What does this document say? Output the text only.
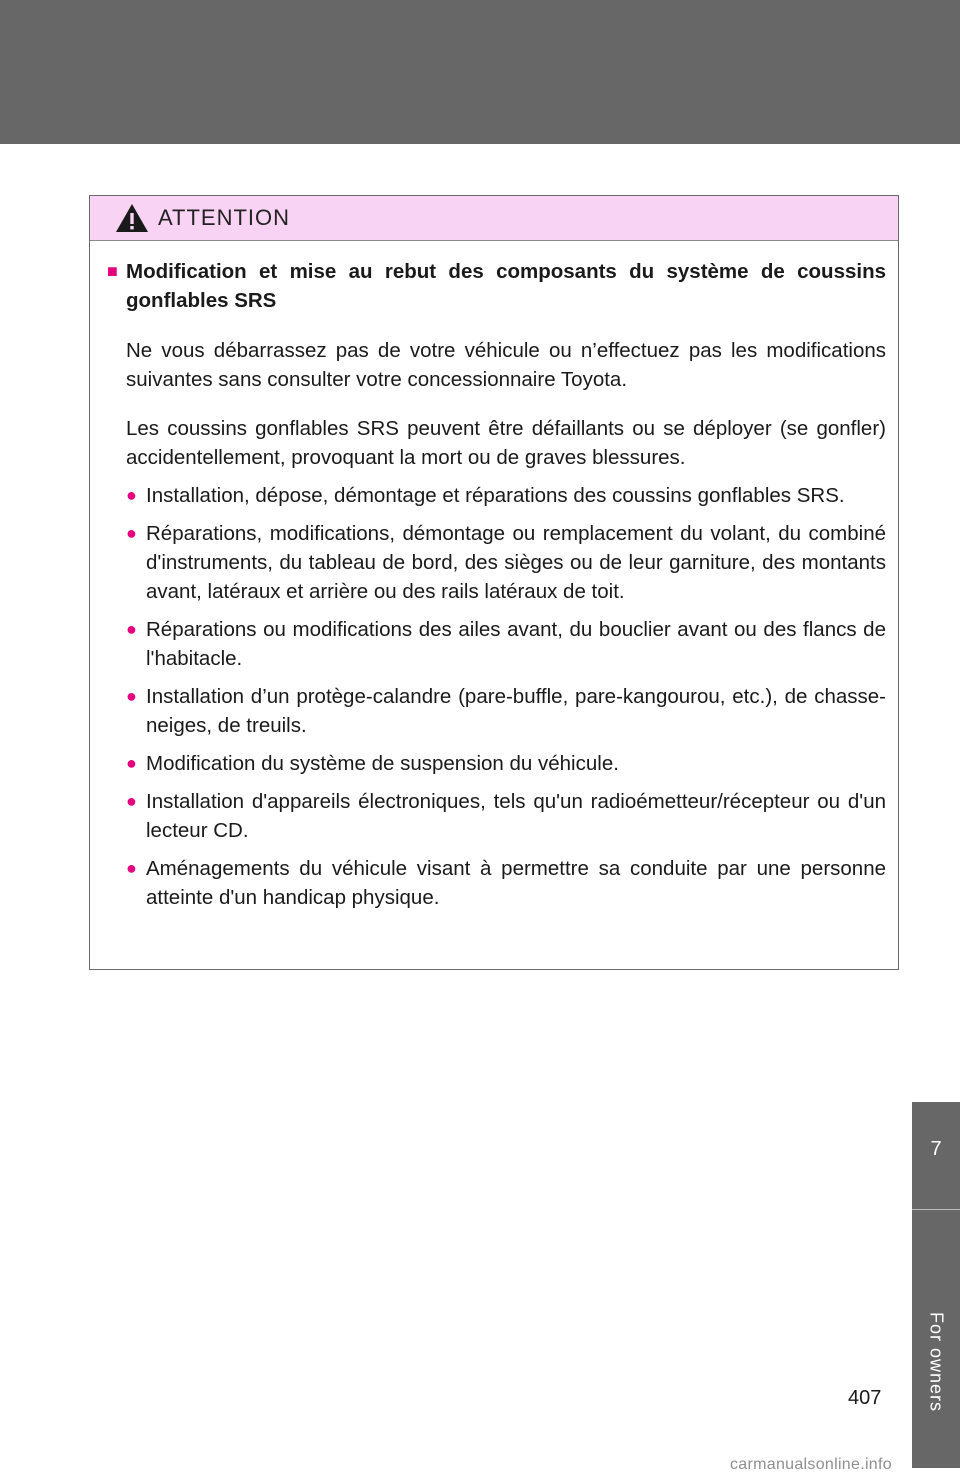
ATTENTION
■ Modification et mise au rebut des composants du système de coussins gonflables SRS

Ne vous débarrassez pas de votre véhicule ou n’effectuez pas les modifications suivantes sans consulter votre concessionnaire Toyota.

Les coussins gonflables SRS peuvent être défaillants ou se déployer (se gonfler) accidentellement, provoquant la mort ou de graves blessures.

● Installation, dépose, démontage et réparations des coussins gonflables SRS.
● Réparations, modifications, démontage ou remplacement du volant, du combiné d'instruments, du tableau de bord, des sièges ou de leur garniture, des montants avant, latéraux et arrière ou des rails latéraux de toit.
● Réparations ou modifications des ailes avant, du bouclier avant ou des flancs de l'habitacle.
● Installation d’un protège-calandre (pare-buffle, pare-kangourou, etc.), de chasse-neiges, de treuils.
● Modification du système de suspension du véhicule.
● Installation d'appareils électroniques, tels qu'un radioémetteur/récepteur ou d'un lecteur CD.
● Aménagements du véhicule visant à permettre sa conduite par une personne atteinte d'un handicap physique.
7
For owners
407
carmanualsonline.info
